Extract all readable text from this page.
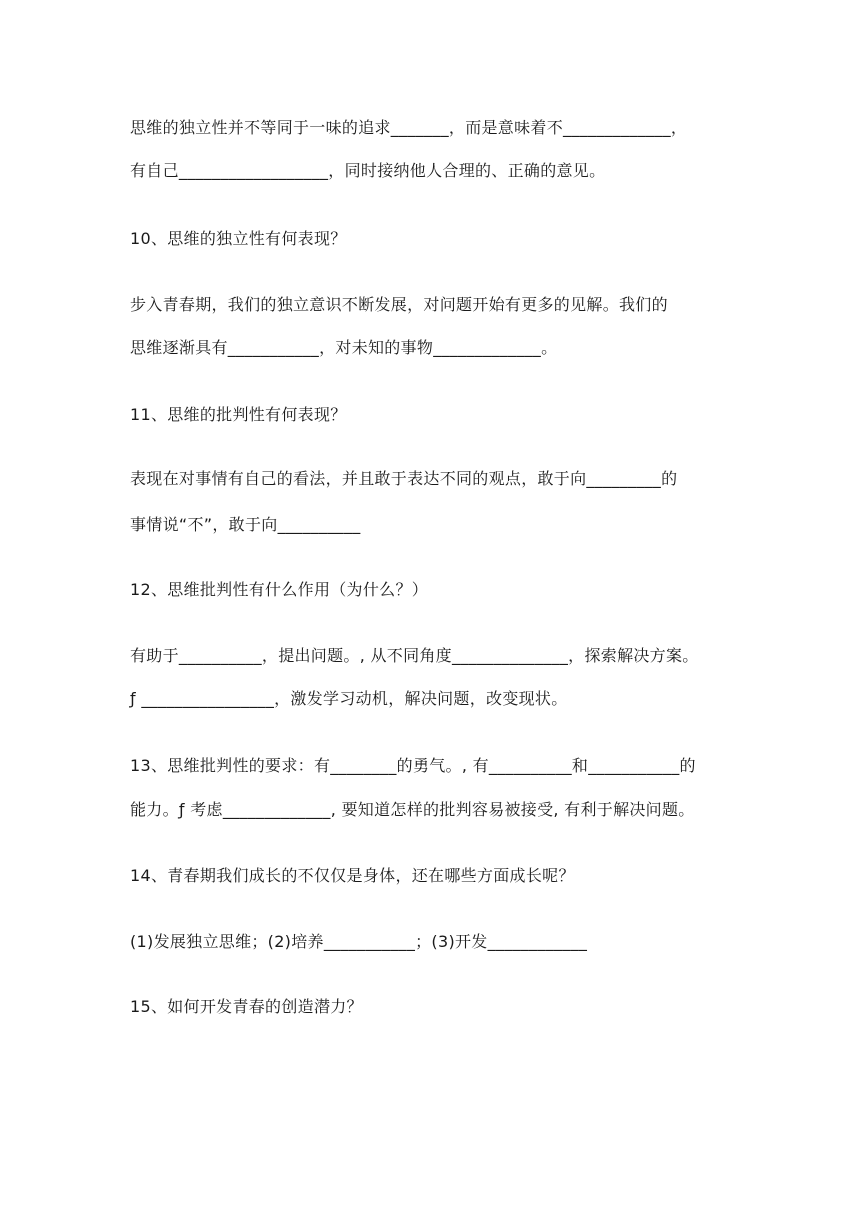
思维的独立性并不等同于一味的追求_______，而是意味着不_____________，
有自己__________________，同时接纳他人合理的、正确的意见。
10、思维的独立性有何表现？
步入青春期，我们的独立意识不断发展，对问题开始有更多的见解。我们的
思维逐渐具有___________，对未知的事物_____________。
11、思维的批判性有何表现？
表现在对事情有自己的看法，并且敢于表达不同的观点，敢于向_________的
事情说“不”，敢于向__________
12、思维批判性有什么作用（为什么？）
有助于__________，提出问题。, 从不同角度______________，探索解决方案。
ƒ ________________，激发学习动机，解决问题，改变现状。
13、思维批判性的要求：有________的勇气。, 有__________和___________的
能力。ƒ 考虑_____________, 要知道怎样的批判容易被接受, 有利于解决问题。
14、青春期我们成长的不仅仅是身体，还在哪些方面成长呢？
(1)发展独立思维；(2)培养___________；(3)开发____________
15、如何开发青春的创造潜力？
